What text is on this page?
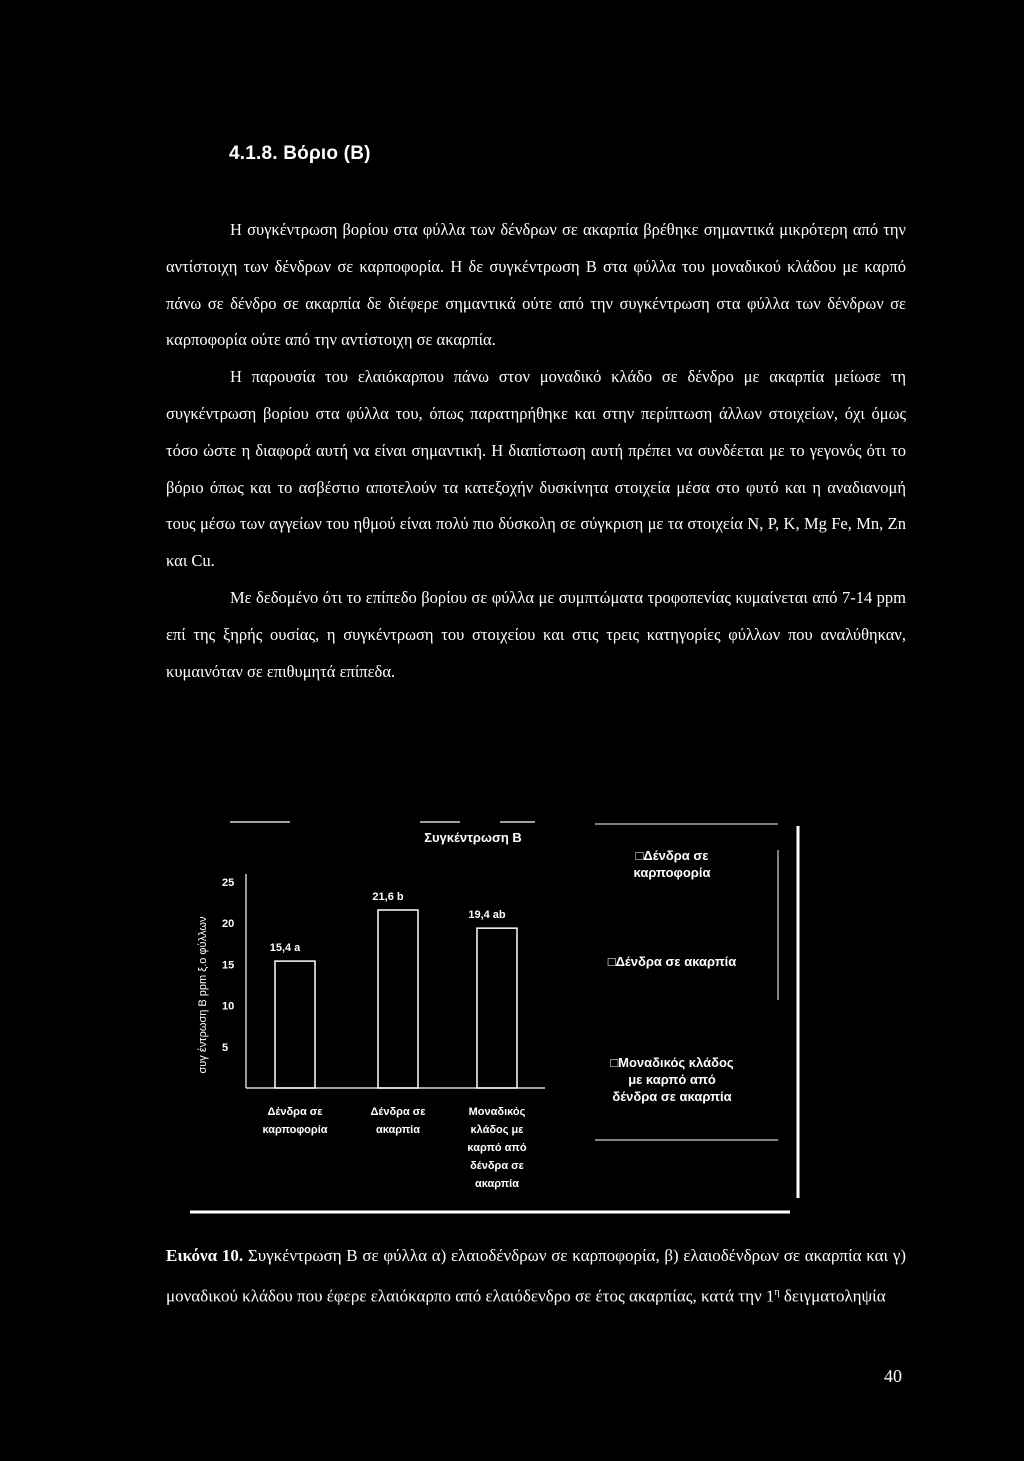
4.1.8. Βόριο (Β)

Η συγκέντρωση βορίου στα φύλλα των δένδρων σε ακαρπία βρέθηκε σημαντικά μικρότερη από την αντίστοιχη των δένδρων σε καρποφορία. Η δε συγκέντρωση Β στα φύλλα του μοναδικού κλάδου με καρπό πάνω σε δένδρο σε ακαρπία δε διέφερε σημαντικά ούτε από την συγκέντρωση στα φύλλα των δένδρων σε καρποφορία ούτε από την αντίστοιχη σε ακαρπία.

Η παρουσία του ελαιόκαρπου πάνω στον μοναδικό κλάδο σε δένδρο με ακαρπία μείωσε τη συγκέντρωση βορίου στα φύλλα του, όπως παρατηρήθηκε και στην περίπτωση άλλων στοιχείων, όχι όμως τόσο ώστε η διαφορά αυτή να είναι σημαντική. Η διαπίστωση αυτή πρέπει να συνδέεται με το γεγονός ότι το βόριο όπως και το ασβέστιο αποτελούν τα κατεξοχήν δυσκίνητα στοιχεία μέσα στο φυτό και η αναδιανομή τους μέσω των αγγείων του ηθμού είναι πολύ πιο δύσκολη σε σύγκριση με τα στοιχεία Ν, Ρ, Κ, Mg Fe, Mn, Zn και Cu.

Με δεδομένο ότι το επίπεδο βορίου σε φύλλα με συμπτώματα τροφοπενίας κυμαίνεται από 7-14 ppm επί της ξηρής ουσίας, η συγκέντρωση του στοιχείου και στις τρεις κατηγορίες φύλλων που αναλύθηκαν, κυμαινόταν σε επιθυμητά επίπεδα.

Συγκέντρωση Β
5
10
15
20
25
συγ έντρωση Β ppm ξ.ο φύλλων	15,4 a
Δένδρα σε
καρποφορία
21,6 b
Δένδρα σε
ακαρπία
19,4 ab
Μοναδικός
κλάδος με
καρπό από
δένδρα σε
ακαρπία
□Δένδρα σε
καρποφορία
□Δένδρα σε ακαρπία
□Μοναδικός κλάδος
με καρπό από
δένδρα σε ακαρπία
Εικόνα 10. Συγκέντρωση Β σε φύλλα α) ελαιοδένδρων σε καρποφορία, β) ελαιοδένδρων σε ακαρπία και γ) μοναδικού κλάδου που έφερε ελαιόκαρπο από ελαιόδενδρο σε έτος ακαρπίας, κατά την $1^\eta$ δειγματοληψία
40
